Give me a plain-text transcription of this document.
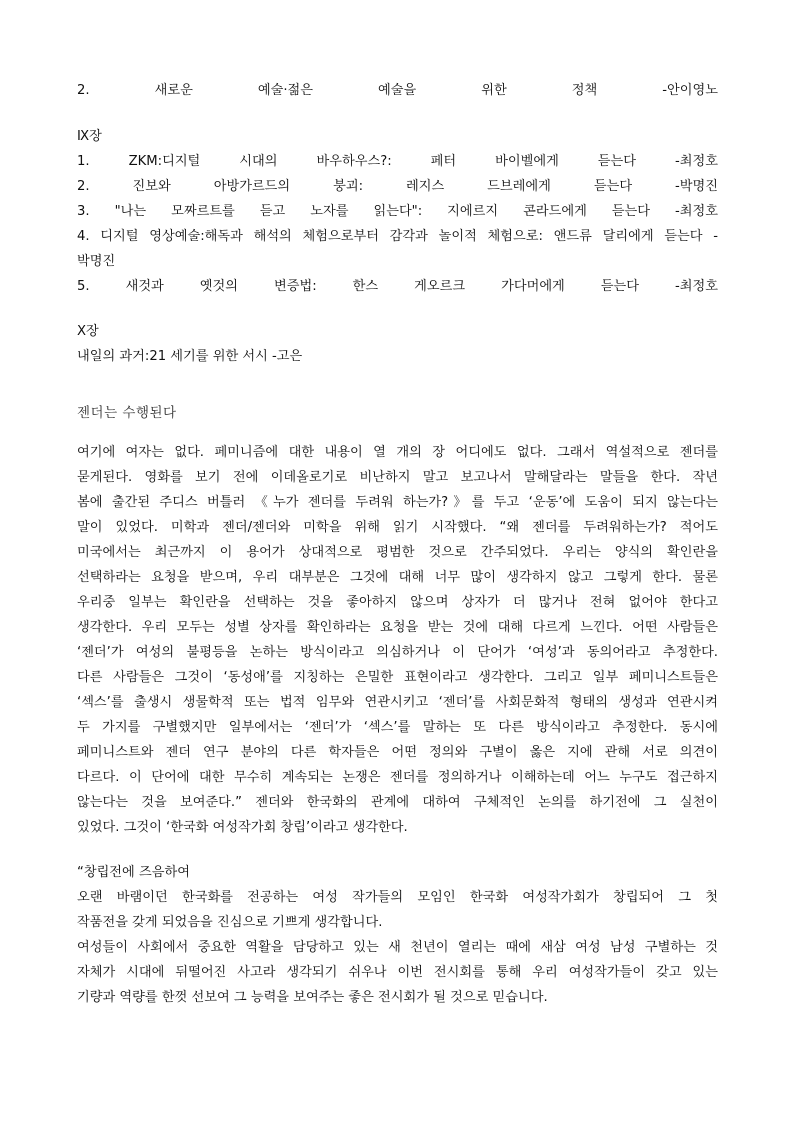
2. 새로운 예술·젊은 예술을 위한 정책 -안이영노
Ⅸ장
1. ZKM:디지털 시대의 바우하우스?: 페터 바이벨에게 듣는다 -최정호
2. 진보와 아방가르드의 붕괴: 레지스 드브레에게 듣는다 -박명진
3. "나는 모짜르트를 듣고 노자를 읽는다": 지에르지 콘라드에게 듣는다 -최정호
4. 디지털 영상예술:해독과 해석의 체험으로부터 감각과 놀이적 체험으로: 앤드류 달리에게 듣는다 -
박명진
5. 새것과 옛것의 변증법: 한스 게오르크 가다머에게 듣는다 -최정호
Ⅹ장
내일의 과거:21 세기를 위한 서시 -고은
젠더는 수행된다
여기에 여자는 없다. 페미니즘에 대한 내용이 열 개의 장 어디에도 없다. 그래서 역설적으로 젠더를
묻게된다. 영화를 보기 전에 이데올로기로 비난하지 말고 보고나서 말해달라는 말들을 한다. 작년
봄에 출간된 주디스 버틀러 《누가 젠더를 두려워 하는가?》를 두고 ‘운동’에 도움이 되지 않는다는
말이 있었다. 미학과 젠더/젠더와 미학을 위해 읽기 시작했다. “왜 젠더를 두려워하는가? 적어도
미국에서는 최근까지 이 용어가 상대적으로 평범한 것으로 간주되었다. 우리는 양식의 확인란을
선택하라는 요청을 받으며, 우리 대부분은 그것에 대해 너무 많이 생각하지 않고 그렇게 한다. 물론
우리중 일부는 확인란을 선택하는 것을 좋아하지 않으며 상자가 더 많거나 전혀 없어야 한다고
생각한다. 우리 모두는 성별 상자를 확인하라는 요청을 받는 것에 대해 다르게 느낀다. 어떤 사람들은
‘젠더’가 여성의 불평등을 논하는 방식이라고 의심하거나 이 단어가 ‘여성’과 동의어라고 추정한다.
다른 사람들은 그것이 ‘동성애’를 지칭하는 은밀한 표현이라고 생각한다. 그리고 일부 페미니스트들은
‘섹스’를 출생시 생물학적 또는 법적 임무와 연관시키고 ‘젠더’를 사회문화적 형태의 생성과 연관시켜
두 가지를 구별했지만 일부에서는 ‘젠더’가 ‘섹스’를 말하는 또 다른 방식이라고 추정한다. 동시에
페미니스트와 젠더 연구 분야의 다른 학자들은 어떤 정의와 구별이 옳은 지에 관해 서로 의견이
다르다. 이 단어에 대한 무수히 계속되는 논쟁은 젠더를 정의하거나 이해하는데 어느 누구도 접근하지
않는다는 것을 보여준다.” 젠더와 한국화의 관계에 대하여 구체적인 논의를 하기전에 그 실천이
있었다. 그것이 ‘한국화 여성작가회 창립’이라고 생각한다.
“창립전에 즈음하여
오랜 바램이던 한국화를 전공하는 여성 작가들의 모임인 한국화 여성작가회가 창립되어 그 첫
작품전을 갖게 되었음을 진심으로 기쁘게 생각합니다.
여성들이 사회에서 중요한 역활을 담당하고 있는 새 천년이 열리는 때에 새삼 여성 남성 구별하는 것
자체가 시대에 뒤떨어진 사고라 생각되기 쉬우나 이번 전시회를 통해 우리 여성작가들이 갖고 있는
기량과 역량를 한껏 선보여 그 능력을 보여주는 좋은 전시회가 될 것으로 믿습니다.
